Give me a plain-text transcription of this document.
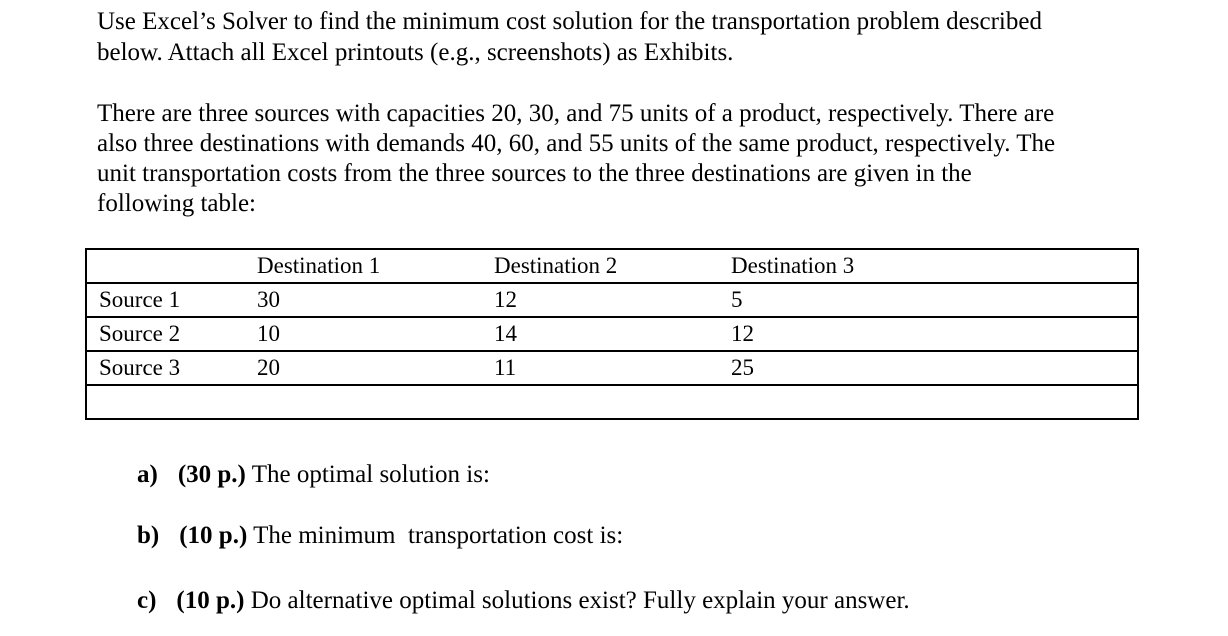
Use Excel’s Solver to find the minimum cost solution for the transportation problem described
below. Attach all Excel printouts (e.g., screenshots) as Exhibits.
There are three sources with capacities 20, 30, and 75 units of a product, respectively. There are
also three destinations with demands 40, 60, and 55 units of the same product, respectively. The
unit transportation costs from the three sources to the three destinations are given in the
following table:
	Destination 1	Destination 2	Destination 3
Source 1	30	12	5
Source 2	10	14	12
Source 3	20	11	25

a) (30 p.) The optimal solution is:
b) (10 p.) The minimum  transportation cost is:
c) (10 p.) Do alternative optimal solutions exist? Fully explain your answer.
